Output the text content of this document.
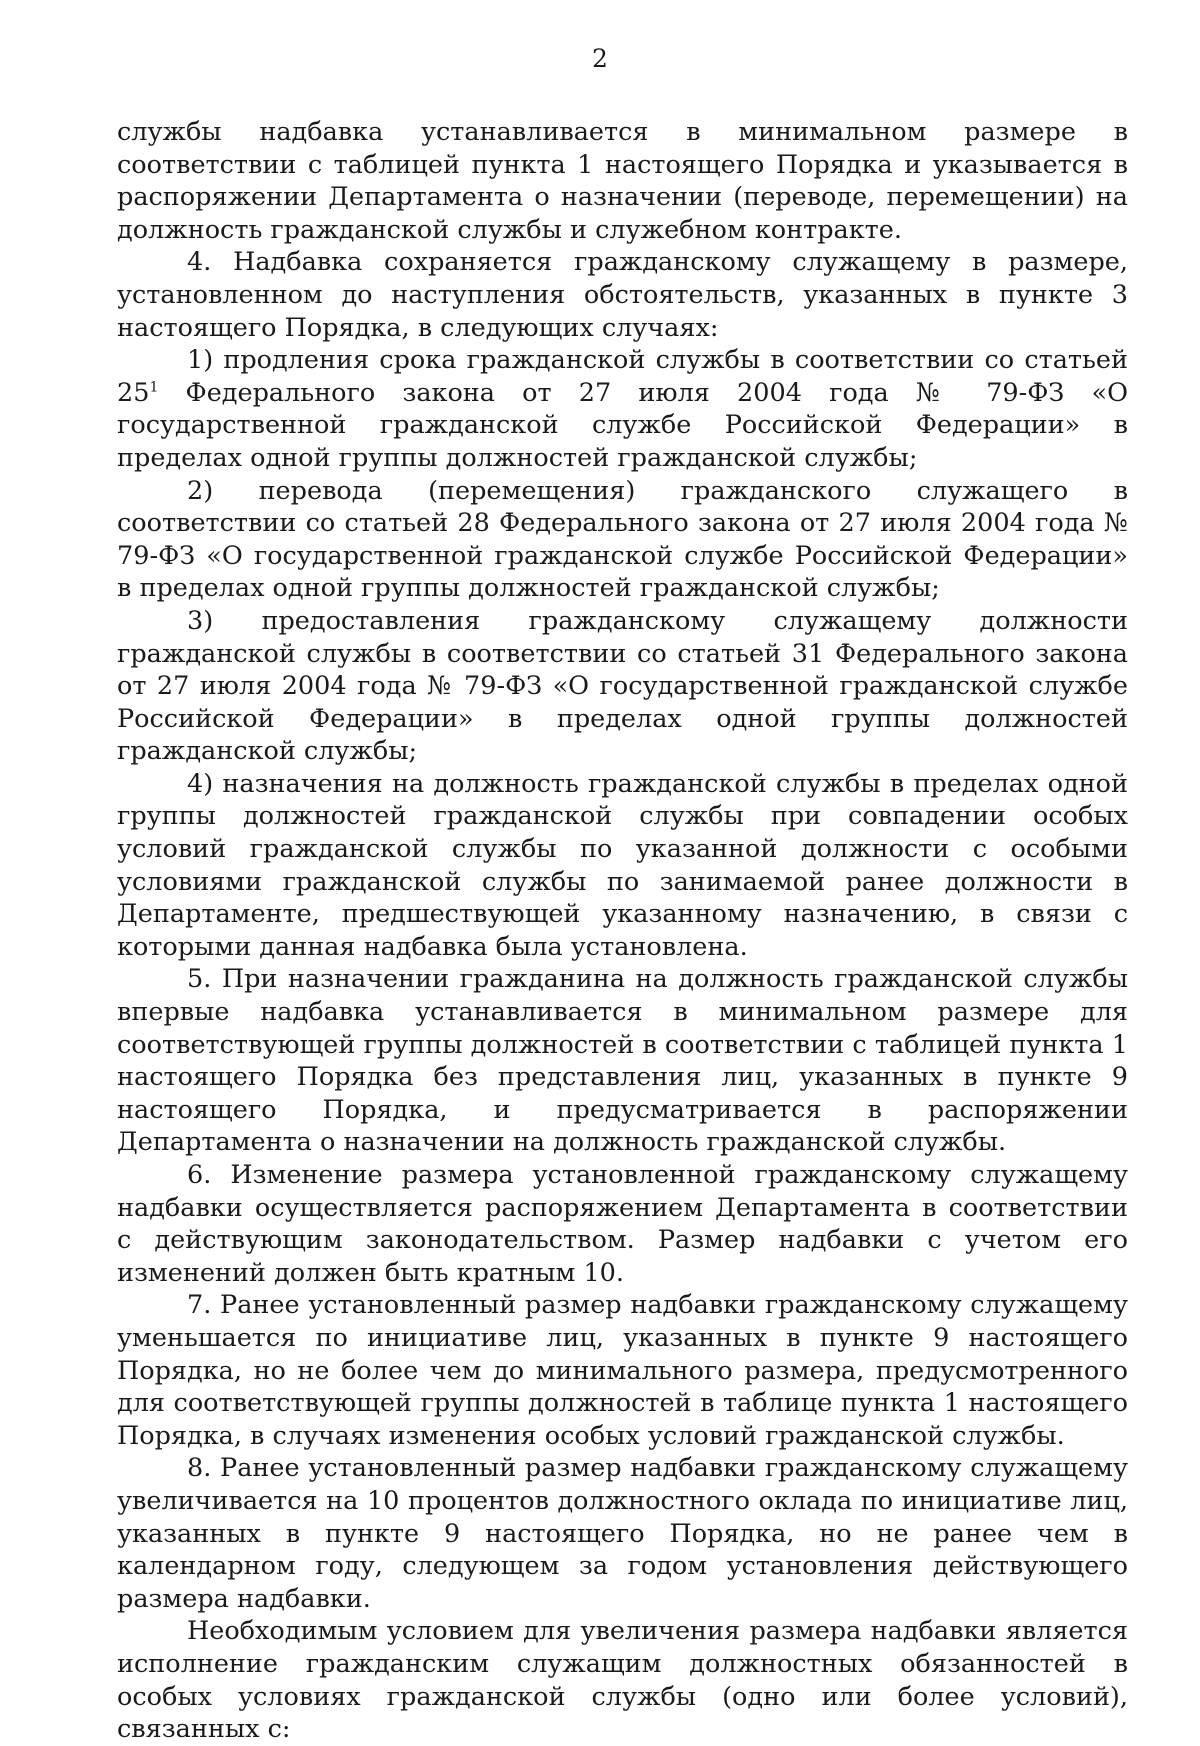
2

службы надбавка устанавливается в минимальном размере в соответствии с таблицей пункта 1 настоящего Порядка и указывается в распоряжении Департамента о назначении (переводе, перемещении) на должность гражданской службы и служебном контракте.

4. Надбавка сохраняется гражданскому служащему в размере, установленном до наступления обстоятельств, указанных в пункте 3 настоящего Порядка, в следующих случаях:

1) продления срока гражданской службы в соответствии со статьей 25$^1$ Федерального закона от 27 июля 2004 года № 79-ФЗ «О государственной гражданской службе Российской Федерации» в пределах одной группы должностей гражданской службы;

2) перевода (перемещения) гражданского служащего в соответствии со статьей 28 Федерального закона от 27 июля 2004 года № 79-ФЗ «О государственной гражданской службе Российской Федерации» в пределах одной группы должностей гражданской службы;

3) предоставления гражданскому служащему должности гражданской службы в соответствии со статьей 31 Федерального закона от 27 июля 2004 года № 79-ФЗ «О государственной гражданской службе Российской Федерации» в пределах одной группы должностей гражданской службы;

4) назначения на должность гражданской службы в пределах одной группы должностей гражданской службы при совпадении особых условий гражданской службы по указанной должности с особыми условиями гражданской службы по занимаемой ранее должности в Департаменте, предшествующей указанному назначению, в связи с которыми данная надбавка была установлена.

5. При назначении гражданина на должность гражданской службы впервые надбавка устанавливается в минимальном размере для соответствующей группы должностей в соответствии с таблицей пункта 1 настоящего Порядка без представления лиц, указанных в пункте 9 настоящего Порядка, и предусматривается в распоряжении Департамента о назначении на должность гражданской службы.

6. Изменение размера установленной гражданскому служащему надбавки осуществляется распоряжением Департамента в соответствии с действующим законодательством. Размер надбавки с учетом его изменений должен быть кратным 10.

7. Ранее установленный размер надбавки гражданскому служащему уменьшается по инициативе лиц, указанных в пункте 9 настоящего Порядка, но не более чем до минимального размера, предусмотренного для соответствующей группы должностей в таблице пункта 1 настоящего Порядка, в случаях изменения особых условий гражданской службы.

8. Ранее установленный размер надбавки гражданскому служащему увеличивается на 10 процентов должностного оклада по инициативе лиц, указанных в пункте 9 настоящего Порядка, но не ранее чем в календарном году, следующем за годом установления действующего размера надбавки.

Необходимым условием для увеличения размера надбавки является исполнение гражданским служащим должностных обязанностей в особых условиях гражданской службы (одно или более условий), связанных с:
